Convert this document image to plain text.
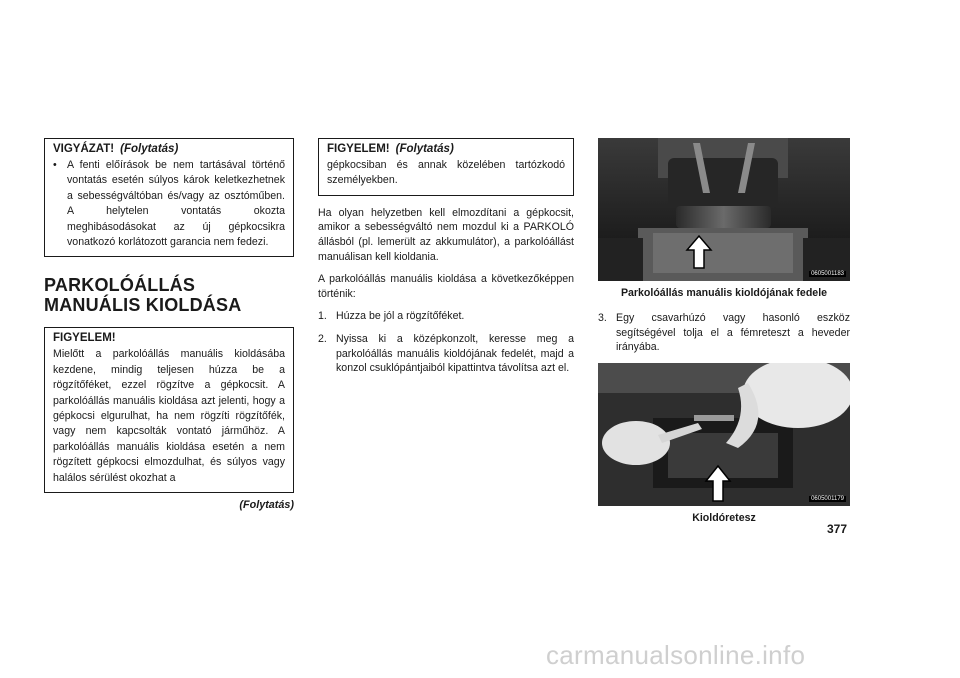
VIGYÁZAT! (Folytatás)
• A fenti előírások be nem tartásával történő vontatás esetén súlyos károk keletkezhetnek a sebességváltóban és/vagy az osztóműben. A helytelen vontatás okozta meghibásodásokat az új gépkocsikra vonatkozó korlátozott garancia nem fedezi.
PARKOLÓÁLLÁS MANUÁLIS KIOLDÁSA
FIGYELEM!

Mielőtt a parkolóállás manuális kioldásába kezdene, mindig teljesen húzza be a rögzítőféket, ezzel rögzítve a gépkocsit. A parkolóállás manuális kioldása azt jelenti, hogy a gépkocsi elgurulhat, ha nem rögzíti rögzítőfék, vagy nem kapcsolták vontató járműhöz. A parkolóállás manuális kioldása esetén a nem rögzített gépkocsi elmozdulhat, és súlyos vagy halálos sérülést okozhat a

(Folytatás)
FIGYELEM! (Folytatás)

gépkocsiban és annak közelében tartózkodó személyekben.

Ha olyan helyzetben kell elmozdítani a gépkocsit, amikor a sebességváltó nem mozdul ki a PARKOLÓ állásból (pl. lemerült az akkumulátor), a parkolóállást manuálisan kell kioldania.

A parkolóállás manuális kioldása a következőképpen történik:

1. Húzza be jól a rögzítőféket.
2. Nyissa ki a középkonzolt, keresse meg a parkolóállás manuális kioldójának fedelét, majd a konzol csuklópántjaiból kipattintva távolítsa azt el.
0605001183
Parkolóállás manuális kioldójának fedele
3. Egy csavarhúzó vagy hasonló eszköz segítségével tolja el a fémreteszt a heveder irányába.
0605001179
Kioldóretesz
377
carmanualsonline.info
